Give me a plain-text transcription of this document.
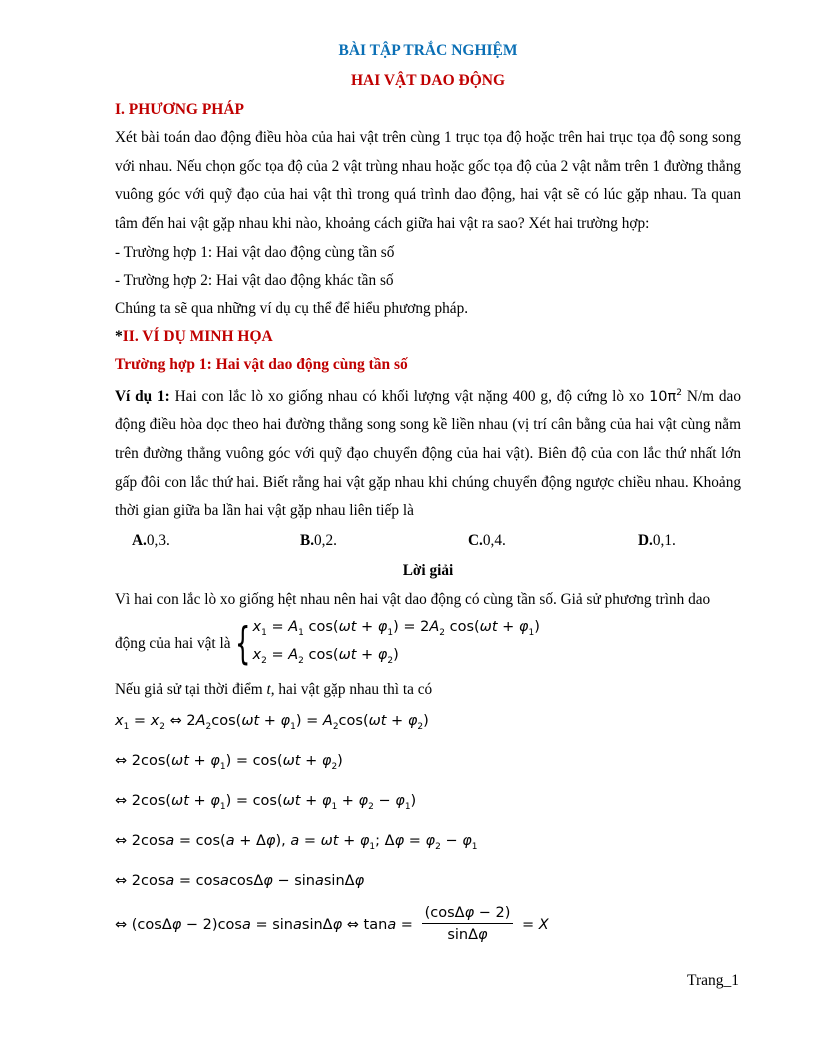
BÀI TẬP TRẮC NGHIỆM
HAI VẬT DAO ĐỘNG
I. PHƯƠNG PHÁP

Xét bài toán dao động điều hòa của hai vật trên cùng 1 trục tọa độ hoặc trên hai trục tọa độ song song với nhau. Nếu chọn gốc tọa độ của 2 vật trùng nhau hoặc gốc tọa độ của 2 vật nằm trên 1 đường thẳng vuông góc với quỹ đạo của hai vật thì trong quá trình dao động, hai vật sẽ có lúc gặp nhau. Ta quan tâm đến hai vật gặp nhau khi nào, khoảng cách giữa hai vật ra sao? Xét hai trường hợp:

- Trường hợp 1: Hai vật dao động cùng tần số

- Trường hợp 2: Hai vật dao động khác tần số

Chúng ta sẽ qua những ví dụ cụ thể để hiểu phương pháp.

*II. VÍ DỤ MINH HỌA
Trường hợp 1: Hai vật dao động cùng tần số

Ví dụ 1: Hai con lắc lò xo giống nhau có khối lượng vật nặng 400 g, độ cứng lò xo $10\pi^2$ N/m dao động điều hòa dọc theo hai đường thẳng song song kề liền nhau (vị trí cân bằng của hai vật cùng nằm trên đường thẳng vuông góc với quỹ đạo chuyển động của hai vật). Biên độ của con lắc thứ nhất lớn gấp đôi con lắc thứ hai. Biết rằng hai vật gặp nhau khi chúng chuyển động ngược chiều nhau. Khoảng thời gian giữa ba lần hai vật gặp nhau liên tiếp là

A.0,3.	B.0,2.	C.0,4.	D.0,1.
Lời giải

Vì hai con lắc lò xo giống hệt nhau nên hai vật dao động có cùng tần số. Giả sử phương trình dao

động của hai vật là { $x_1 = A_1$ $\cos(\omega t + \varphi_1) = 2A_2$ $\cos(\omega t + \varphi_1)$
$x_2 = A_2$ $\cos(\omega t + \varphi_2)$

Nếu giả sử tại thời điểm t, hai vật gặp nhau thì ta có

$x_1 = x_2$ ⇔ $2A_2\cos(\omega t + \varphi_1) = A_2\cos(\omega t + \varphi_2)$

⇔ $2\cos(\omega t + \varphi_1) = \cos(\omega t + \varphi_2)$

⇔ $2\cos(\omega t + \varphi_1) = \cos(\omega t + \varphi_1 + \varphi_2 - \varphi_1)$

⇔ 2cosa = cos(a + Δφ), $a = \omega t + \varphi_1$; $\Delta\varphi = \varphi_2 - \varphi_1$

⇔ 2cosa = cosacosΔφ − sinasinΔφ

⇔ (cosΔφ − 2)cosa = sinasinΔφ ⇔ $\tan a = \frac{(\cos\Delta\varphi - 2)}{\sin\Delta\varphi} = X$

Trang_1
